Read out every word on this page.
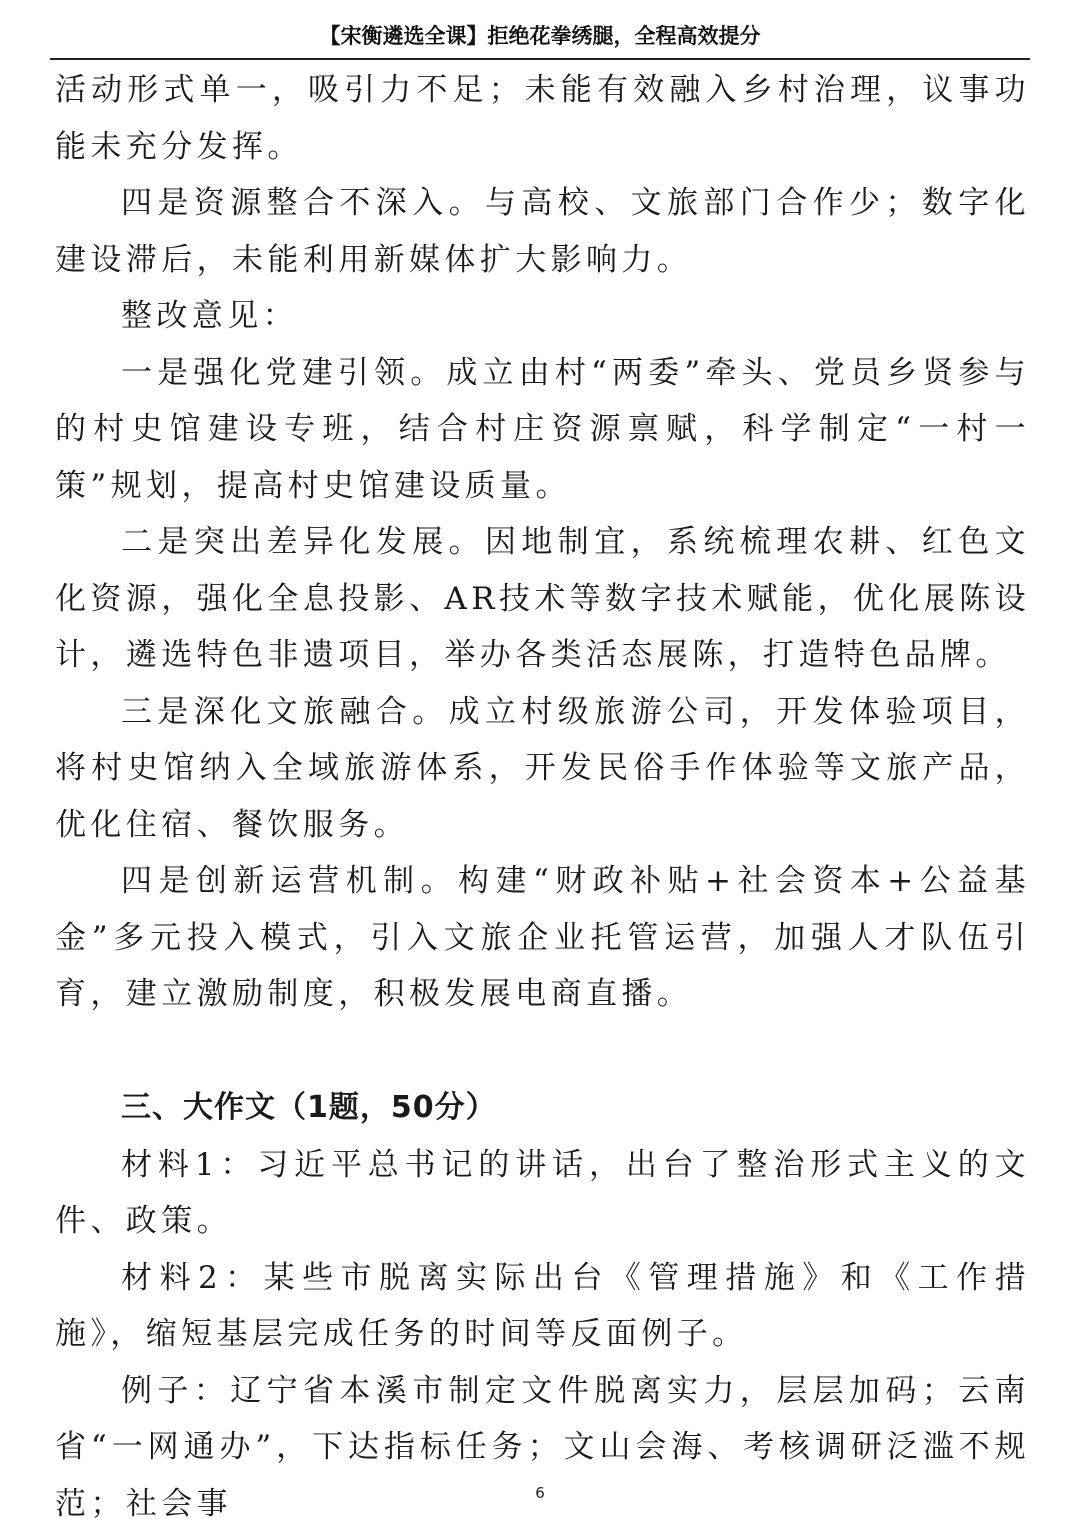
【宋衡遴选全课】拒绝花拳绣腿，全程高效提分

活动形式单一，吸引力不足；未能有效融入乡村治理，议事功能未充分发挥。

四是资源整合不深入。与高校、文旅部门合作少；数字化建设滞后，未能利用新媒体扩大影响力。

整改意见：

一是强化党建引领。成立由村“两委”牵头、党员乡贤参与的村史馆建设专班，结合村庄资源禀赋，科学制定“一村一策”规划，提高村史馆建设质量。

二是突出差异化发展。因地制宜，系统梳理农耕、红色文化资源，强化全息投影、AR技术等数字技术赋能，优化展陈设计，遴选特色非遗项目，举办各类活态展陈，打造特色品牌。

三是深化文旅融合。成立村级旅游公司，开发体验项目，将村史馆纳入全域旅游体系，开发民俗手作体验等文旅产品，优化住宿、餐饮服务。

四是创新运营机制。构建“财政补贴+社会资本+公益基金”多元投入模式，引入文旅企业托管运营，加强人才队伍引育，建立激励制度，积极发展电商直播。

三、大作文（1题，50分）

材料1：习近平总书记的讲话，出台了整治形式主义的文件、政策。

材料2：某些市脱离实际出台《管理措施》和《工作措施》，缩短基层完成任务的时间等反面例子。

例子：辽宁省本溪市制定文件脱离实力，层层加码；云南省“一网通办”，下达指标任务；文山会海、考核调研泛滥不规范；社会事	6
